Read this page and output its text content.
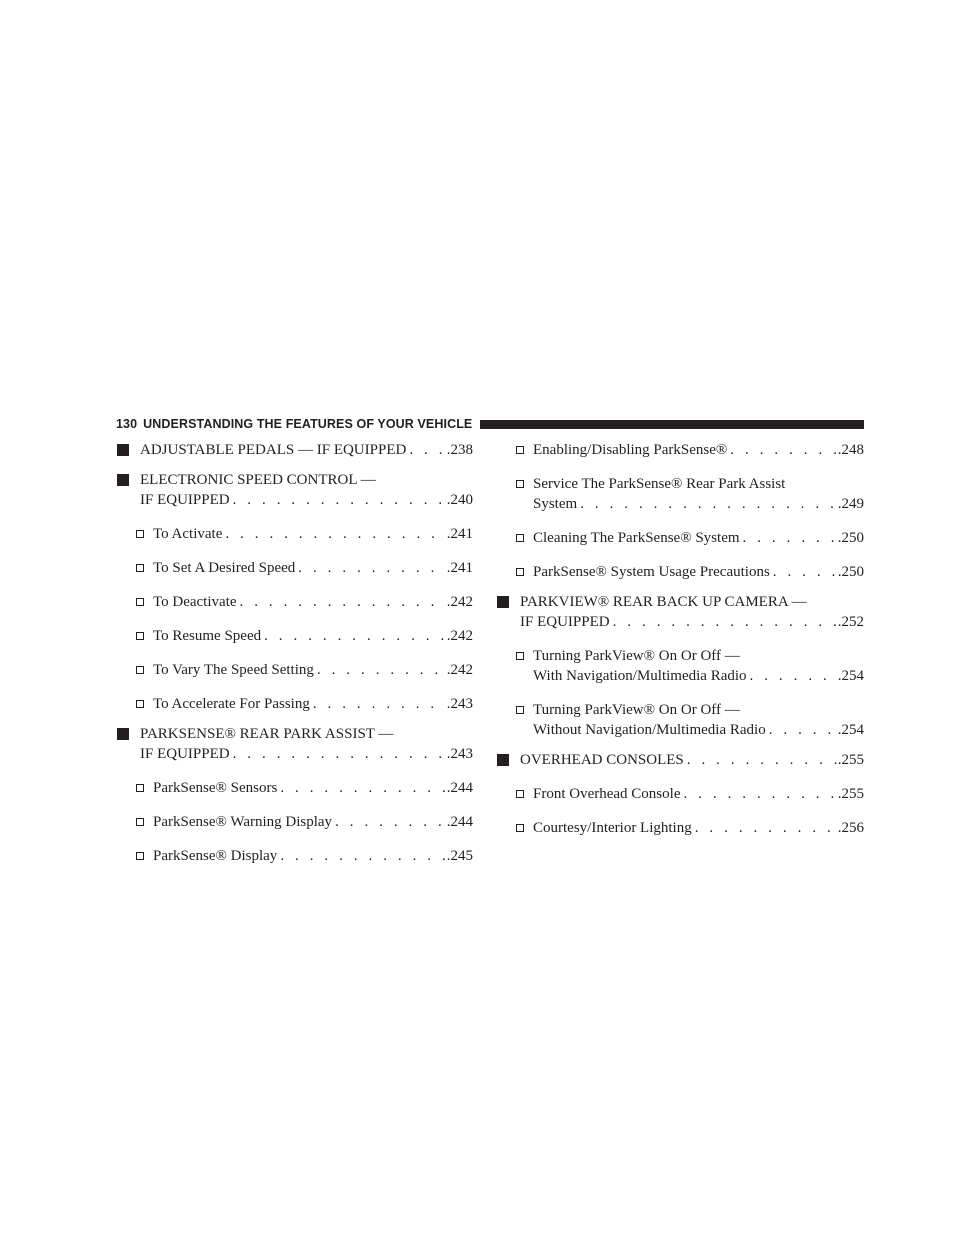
130 UNDERSTANDING THE FEATURES OF YOUR VEHICLE
ADJUSTABLE PEDALS — IF EQUIPPED . . .	.238
ELECTRONIC SPEED CONTROL —
IF EQUIPPED . . .	.240
To Activate . . .	.241
To Set A Desired Speed . . .	.241
To Deactivate . . .	.242
To Resume Speed . . .	.242
To Vary The Speed Setting . . .	.242
To Accelerate For Passing . . .	.243
PARKSENSE® REAR PARK ASSIST —
IF EQUIPPED . . .	.243
ParkSense® Sensors . . .	.244
ParkSense® Warning Display . . .	.244
ParkSense® Display . . .	.245
Enabling/Disabling ParkSense® . . .	.248
Service The ParkSense® Rear Park Assist
System . . .	.249
Cleaning The ParkSense® System . . .	.250
ParkSense® System Usage Precautions . . .	.250
PARKVIEW® REAR BACK UP CAMERA —
IF EQUIPPED . . .	.252
Turning ParkView® On Or Off —
With Navigation/Multimedia Radio . . .	.254
Turning ParkView® On Or Off —
Without Navigation/Multimedia Radio . . .	.254
OVERHEAD CONSOLES . . .	.255
Front Overhead Console . . .	.255
Courtesy/Interior Lighting . . .	.256
